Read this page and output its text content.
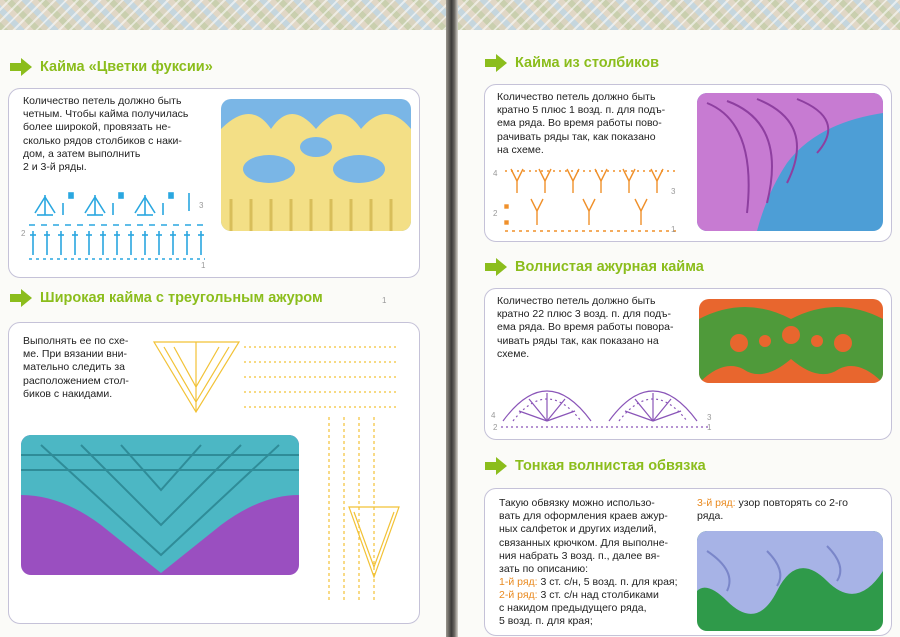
Кайма «Цветки фуксии»
Количество петель должно быть
четным. Чтобы кайма получилась
более широкой, провязать не-
сколько рядов столбиков с наки-
дом, а затем выполнить
2 и 3-й ряды.
3
2
1
Широкая кайма с треугольным ажуром	1
Выполнять ее по схе-
ме. При вязании вни-
мательно следить за
расположением стол-
биков с накидами.
Кайма из столбиков
Количество петель должно быть
кратно 5 плюс 1 возд. п. для подъ-
ема ряда. Во время работы пово-
рачивать ряды так, как показано
на схеме.
4
3
2
1
Волнистая ажурная кайма
Количество петель должно быть
кратно 22 плюс 3 возд. п. для подъ-
ема ряда. Во время работы повора-
чивать ряды так, как показано на
схеме.
4	3
2	1
Тонкая волнистая обвязка
Такую обвязку можно использо-
вать для оформления краев ажур-
ных салфеток и других изделий,
связанных крючком. Для выполне-
ния набрать 3 возд. п., далее вя-
зать по описанию:
1-й ряд: 3 ст. с/н, 5 возд. п. для края;
2-й ряд: 3 ст. с/н над столбиками
с накидом предыдущего ряда,
5 возд. п. для края;
3-й ряд: узор повторять со 2-го
ряда.
